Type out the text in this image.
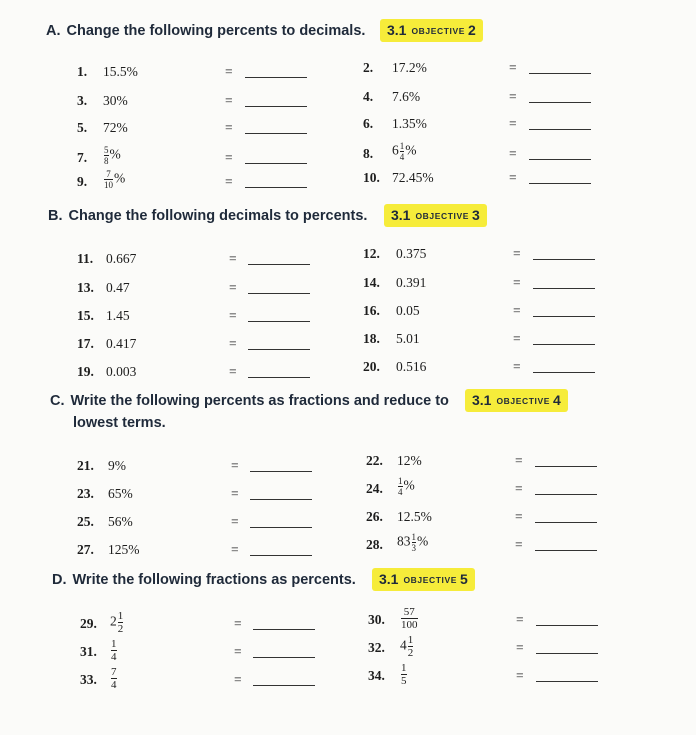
A. Change the following percents to decimals.	3.1 OBJECTIVE 2
B. Change the following decimals to percents.	3.1 OBJECTIVE 3
C. Write the following percents as fractions and reduce to
lowest terms.
3.1 OBJECTIVE 4
D. Write the following fractions as percents.	3.1 OBJECTIVE 5
1.	15.5%	=	2.	17.2%	=
3.	30%	=	4.	7.6%	=
5.	72%	=	6.	1.35%	=
7.	$\frac{5}{8}$ %	=	8.	$6 \frac{1}{4}$ %	=
9.	$\frac{7}{10}$ %	=	10. 72.45%	=
11. 0.667	=	12.	0.375	=
13. 0.47	=	14.	0.391	=
15. 1.45	=	16.	0.05	=
17. 0.417	=	18.	5.01	=
19. 0.003	=	20.	0.516	=
21.	9%	=	22.	12%	=
23.	65%	=	24.	$\frac{1}{4}$ %	=
25.	56%	=	26.	12.5%	=
27.	125%	=	28.	$83 \frac{1}{3}$ %	=
29. $2 \frac{1}{2}$	=	30.	$\frac{57}{100}$	=
31.	$\frac{1}{4}$	=	32.	$4 \frac{1}{2}$	=
33.	$\frac{7}{4}$	=	34.	$\frac{1}{5}$	=
